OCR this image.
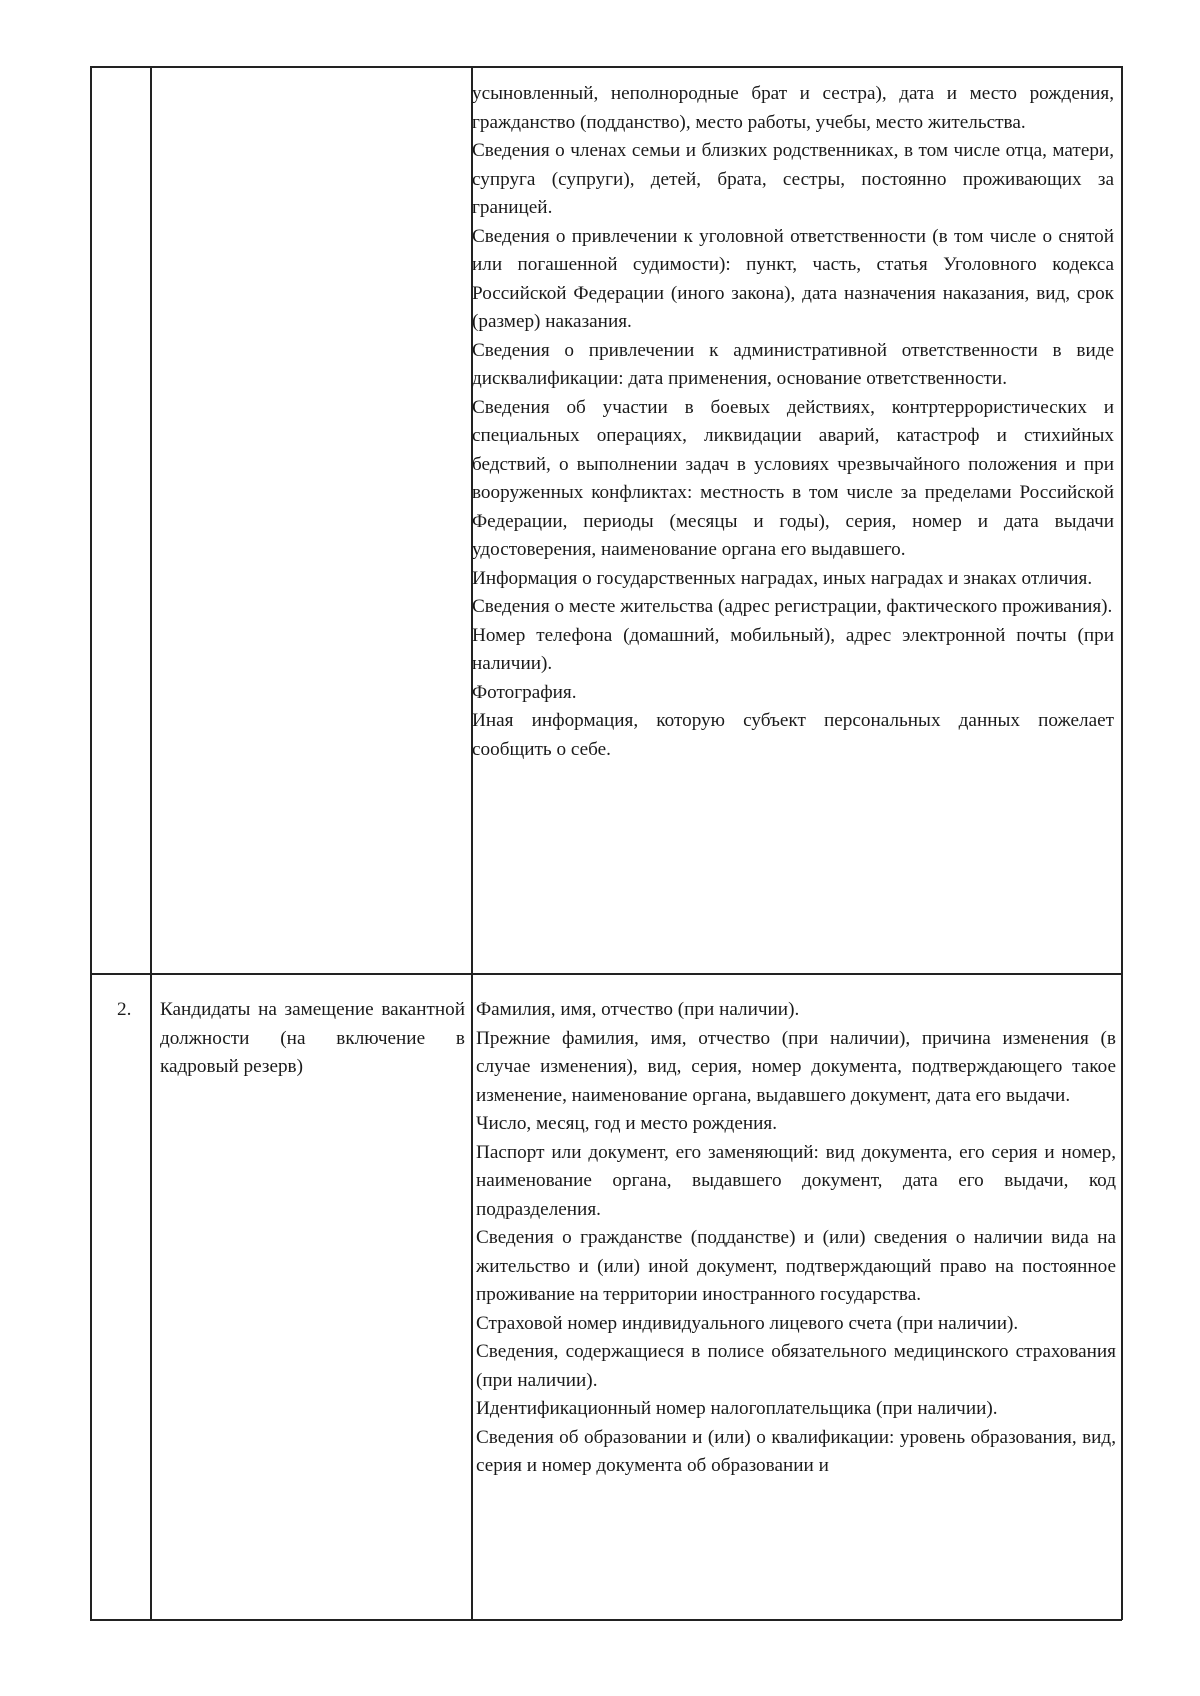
усыновленный, неполнородные брат и сестра), дата и место рождения, гражданство (подданство), место работы, учебы, место жительства.

Сведения о членах семьи и близких родственниках, в том числе отца, матери, супруга (супруги), детей, брата, сестры, постоянно проживающих за границей.

Сведения о привлечении к уголовной ответственности (в том числе о снятой или погашенной судимости): пункт, часть, статья Уголовного кодекса Российской Федерации (иного закона), дата назначения наказания, вид, срок (размер) наказания.

Сведения о привлечении к административной ответственности в виде дисквалификации: дата применения, основание ответственности.

Сведения об участии в боевых действиях, контртеррористических и специальных операциях, ликвидации аварий, катастроф и стихийных бедствий, о выполнении задач в условиях чрезвычайного положения и при вооруженных конфликтах: местность в том числе за пределами Российской Федерации, периоды (месяцы и годы), серия, номер и дата выдачи удостоверения, наименование органа его выдавшего.

Информация о государственных наградах, иных наградах и знаках отличия.

Сведения о месте жительства (адрес регистрации, фактического проживания).

Номер телефона (домашний, мобильный), адрес электронной почты (при наличии).

Фотография.

Иная информация, которую субъект персональных данных пожелает сообщить о себе.

2.	Кандидаты на замещение вакантной должности (на включение в кадровый резерв)

Фамилия, имя, отчество (при наличии).

Прежние фамилия, имя, отчество (при наличии), причина изменения (в случае изменения), вид, серия, номер документа, подтверждающего такое изменение, наименование органа, выдавшего документ, дата его выдачи.

Число, месяц, год и место рождения.

Паспорт или документ, его заменяющий: вид документа, его серия и номер, наименование органа, выдавшего документ, дата его выдачи, код подразделения.

Сведения о гражданстве (подданстве) и (или) сведения о наличии вида на жительство и (или) иной документ, подтверждающий право на постоянное проживание на территории иностранного государства.

Страховой номер индивидуального лицевого счета (при наличии).

Сведения, содержащиеся в полисе обязательного медицинского страхования (при наличии).

Идентификационный номер налогоплательщика (при наличии).

Сведения об образовании и (или) о квалификации: уровень образования, вид, серия и номер документа об образовании и
